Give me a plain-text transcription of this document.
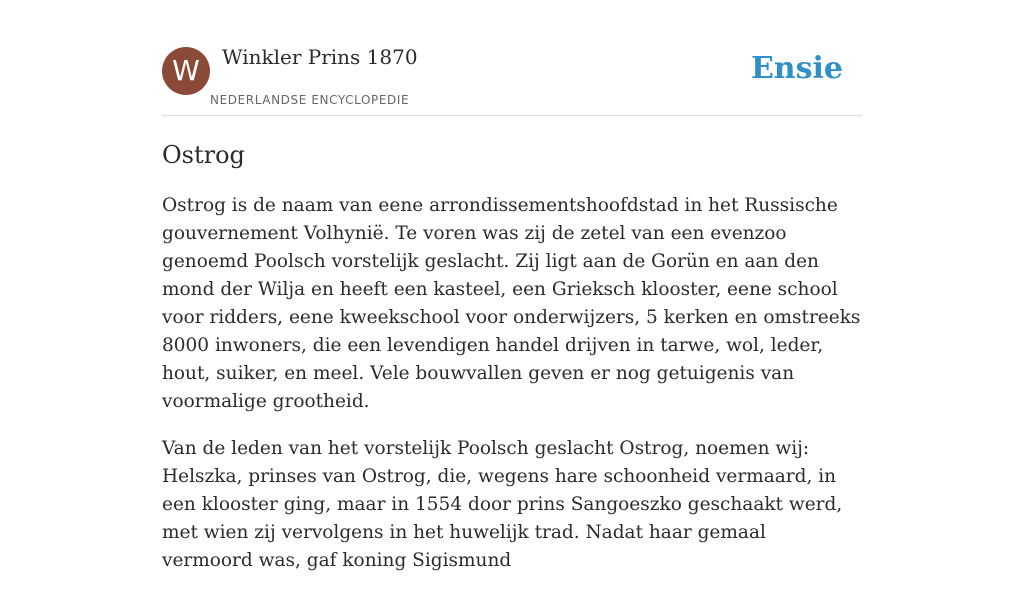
W	Winkler Prins 1870
NEDERLANDSE ENCYCLOPEDIE
Ensie
Ostrog

Ostrog is de naam van eene arrondissementshoofdstad in het Russische gouvernement Volhynië. Te voren was zij de zetel van een evenzoo genoemd Poolsch vorstelijk geslacht. Zij ligt aan de Gorün en aan den mond der Wilja en heeft een kasteel, een Grieksch klooster, eene school voor ridders, eene kweekschool voor onderwijzers, 5 kerken en omstreeks 8000 inwoners, die een levendigen handel drijven in tarwe, wol, leder, hout, suiker, en meel. Vele bouwvallen geven er nog getuigenis van voormalige grootheid.

Van de leden van het vorstelijk Poolsch geslacht Ostrog, noemen wij: Helszka, prinses van Ostrog, die, wegens hare schoonheid vermaard, in een klooster ging, maar in 1554 door prins Sangoeszko geschaakt werd, met wien zij vervolgens in het huwelijk trad. Nadat haar gemaal vermoord was, gaf koning Sigismund
